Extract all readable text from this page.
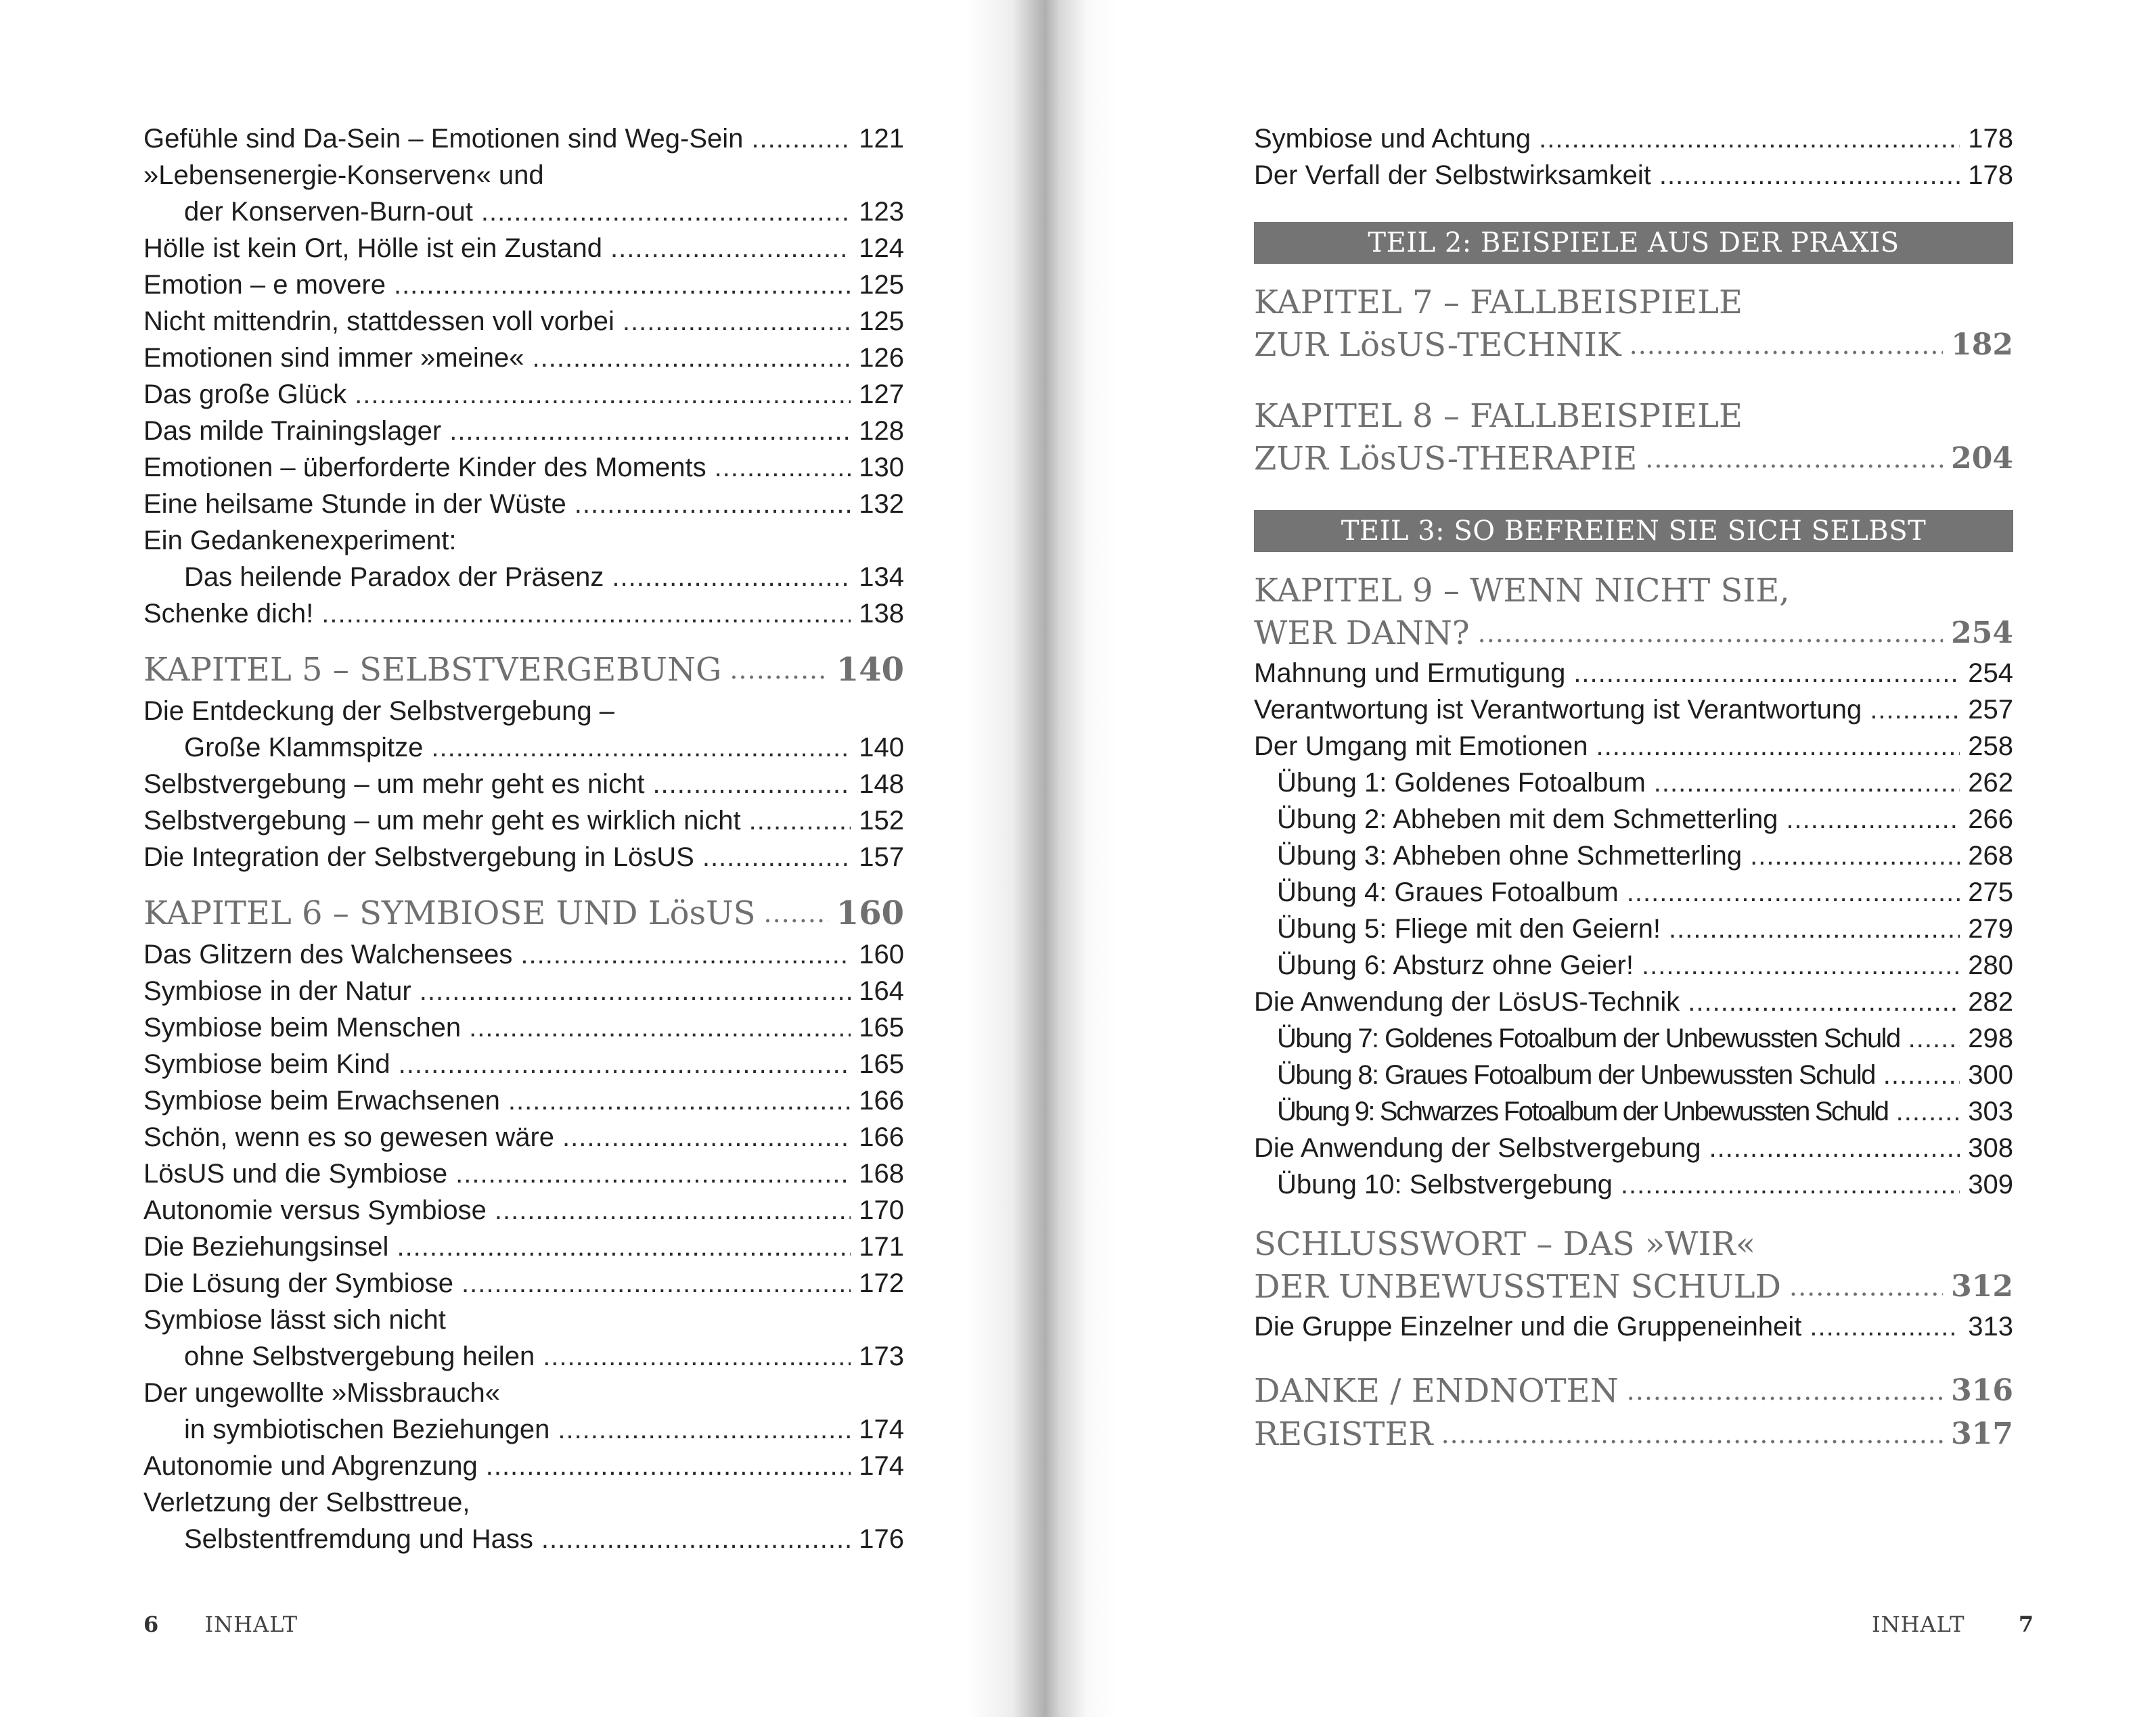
Gefühle sind Da-Sein – Emotionen sind Weg-Sein .....	121
»Lebensenergie-Konserven« und
der Konserven-Burn-out .....	123
Hölle ist kein Ort, Hölle ist ein Zustand .....	124
Emotion – e movere .....	125
Nicht mittendrin, stattdessen voll vorbei .....	125
Emotionen sind immer »meine« .....	126
Das große Glück .....	127
Das milde Trainingslager .....	128
Emotionen – überforderte Kinder des Moments .....	130
Eine heilsame Stunde in der Wüste .....	132
Ein Gedankenexperiment:
Das heilende Paradox der Präsenz .....	134
Schenke dich! .....	138
KAPITEL 5 – SELBSTVERGEBUNG .....	140
Die Entdeckung der Selbstvergebung –
Große Klammspitze .....	140
Selbstvergebung – um mehr geht es nicht .....	148
Selbstvergebung – um mehr geht es wirklich nicht .....	152
Die Integration der Selbstvergebung in LösUS .....	157
KAPITEL 6 – SYMBIOSE UND LösUS ..... 160
Das Glitzern des Walchensees .....	160
Symbiose in der Natur .....	164
Symbiose beim Menschen .....	165
Symbiose beim Kind .....	165
Symbiose beim Erwachsenen .....	166
Schön, wenn es so gewesen wäre .....	166
LösUS und die Symbiose .....	168
Autonomie versus Symbiose .....	170
Die Beziehungsinsel .....	171
Die Lösung der Symbiose .....	172
Symbiose lässt sich nicht
ohne Selbstvergebung heilen .....	173
Der ungewollte »Missbrauch«
in symbiotischen Beziehungen .....	174
Autonomie und Abgrenzung .....	174
Verletzung der Selbsttreue,
Selbstentfremdung und Hass .....	176
6 INHALT
Symbiose und Achtung .....	178
Der Verfall der Selbstwirksamkeit .....	178
TEIL 2: BEISPIELE AUS DER PRAXIS
KAPITEL 7 – FALLBEISPIELE
ZUR LösUS-TECHNIK .....	182
KAPITEL 8 – FALLBEISPIELE
ZUR LösUS-THERAPIE .....	204
TEIL 3: SO BEFREIEN SIE SICH SELBST
KAPITEL 9 – WENN NICHT SIE,
WER DANN? .....	254
Mahnung und Ermutigung .....	254
Verantwortung ist Verantwortung ist Verantwortung .....	257
Der Umgang mit Emotionen .....	258
Übung 1: Goldenes Fotoalbum .....	262
Übung 2: Abheben mit dem Schmetterling .....	266
Übung 3: Abheben ohne Schmetterling .....	268
Übung 4: Graues Fotoalbum .....	275
Übung 5: Fliege mit den Geiern! .....	279
Übung 6: Absturz ohne Geier! .....	280
Die Anwendung der LösUS-Technik .....	282
Übung 7: Goldenes Fotoalbum der Unbewussten Schuld .....	298
Übung 8: Graues Fotoalbum der Unbewussten Schuld .....	300
Übung 9: Schwarzes Fotoalbum der Unbewussten Schuld .....	303
Die Anwendung der Selbstvergebung .....	308
Übung 10: Selbstvergebung .....	309
SCHLUSSWORT – DAS »WIR«
DER UNBEWUSSTEN SCHULD .....	312
Die Gruppe Einzelner und die Gruppeneinheit .....	313
DANKE / ENDNOTEN .....	316
REGISTER .....	317
INHALT 7
